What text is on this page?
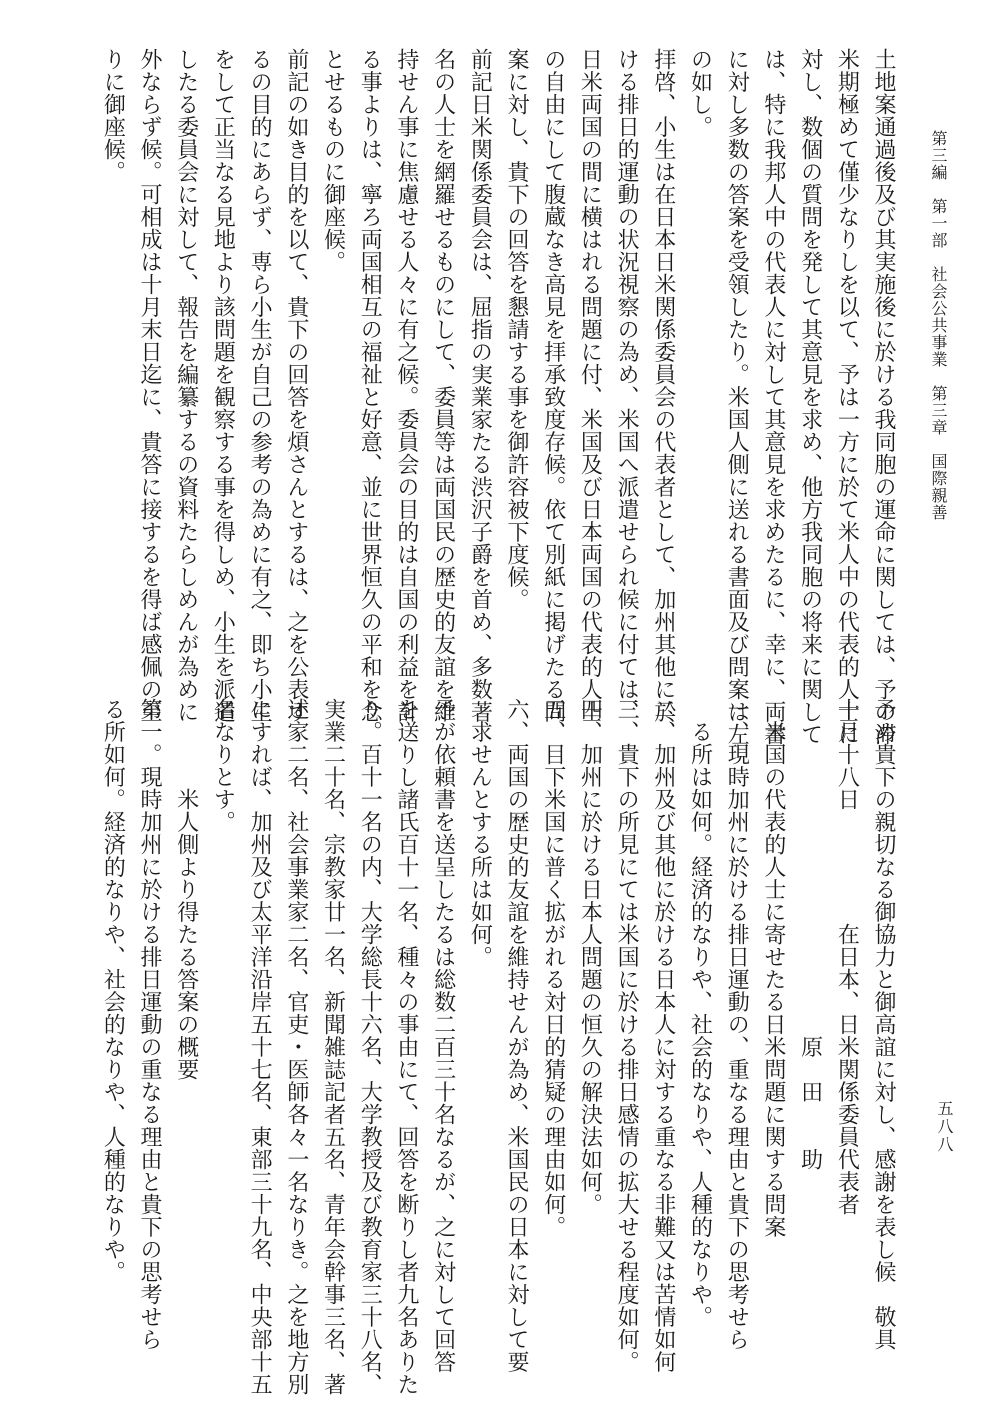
第三編　第一部　社会公共事業　第三章　国際親善
五八八
土地案通過後及び其実施後に於ける我同胞の運命に関しては、予の滞
米期極めて僅少なりしを以て、予は一方に於て米人中の代表的人士に
対し、数個の質問を発して其意見を求め、他方我同胞の将来に関して
は、特に我邦人中の代表人に対して其意見を求めたるに、幸に、両書
に対し多数の答案を受領したり。米国人側に送れる書面及び問案は左
の如し。
拝啓、小生は在日本日米関係委員会の代表者として、加州其他に於
ける排日的運動の状況視察の為め、米国へ派遣せられ候に付ては、
日米両国の間に横はれる問題に付、米国及び日本両国の代表的人士
の自由にして腹蔵なき高見を拝承致度存候。依て別紙に掲げたる問
案に対し、貴下の回答を懇請する事を御許容被下度候。
前記日米関係委員会は、屈指の実業家たる渋沢子爵を首め、多数著
名の人士を網羅せるものにして、委員等は両国民の歴史的友誼を維
持せん事に焦慮せる人々に有之候。委員会の目的は自国の利益を計
る事よりは、寧ろ両国相互の福祉と好意、並に世界恒久の平和を念
とせるものに御座候。
前記の如き目的を以て、貴下の回答を煩さんとするは、之を公表す
るの目的にあらず、専ら小生が自己の参考の為めに有之、即ち小生
をして正当なる見地より該問題を観察する事を得しめ、小生を派遣
したる委員会に対して、報告を編纂するの資料たらしめんが為めに
外ならず候。可相成は十月末日迄に、貴答に接するを得ば感佩の至
りに御座候。
予め貴下の親切なる御協力と御高誼に対し、感謝を表し候　敬具
十月十八日　　　　　在日本、日米関係委員代表者
　　　　　　　　　　　　　　　原　田　　助
　米国の代表的人士に寄せたる日米問題に関する問案
一、現時加州に於ける排日運動の、重なる理由と貴下の思考せら
　る所は如何。経済的なりや、社会的なりや、人種的なりや。
二、加州及び其他に於ける日本人に対する重なる非難又は苦情如何
三、貴下の所見にては米国に於ける排日感情の拡大せる程度如何。
四、加州に於ける日本人問題の恒久の解決法如何。
五、目下米国に普く拡がれる対日的猜疑の理由如何。
六、両国の歴史的友誼を維持せんが為め、米国民の日本に対して要
　求せんとする所は如何。
予が依頼書を送呈したるは総数二百三十名なるが、之に対して回答
を送りし諸氏百十一名、種々の事由にて、回答を断りし者九名ありた
り。百十一名の内、大学総長十六名、大学教授及び教育家三十八名、
実業二十名、宗教家廿一名、新聞雑誌記者五名、青年会幹事三名、著
述家二名、社会事業家二名、官吏・医師各々一名なりき。之を地方別
にすれば、加州及び太平洋沿岸五十七名、東部三十九名、中央部十五
名なりとす。
　　　　米人側より得たる答案の概要
第一。現時加州に於ける排日運動の重なる理由と貴下の思考せら
る所如何。経済的なりや、社会的なりや、人種的なりや。
